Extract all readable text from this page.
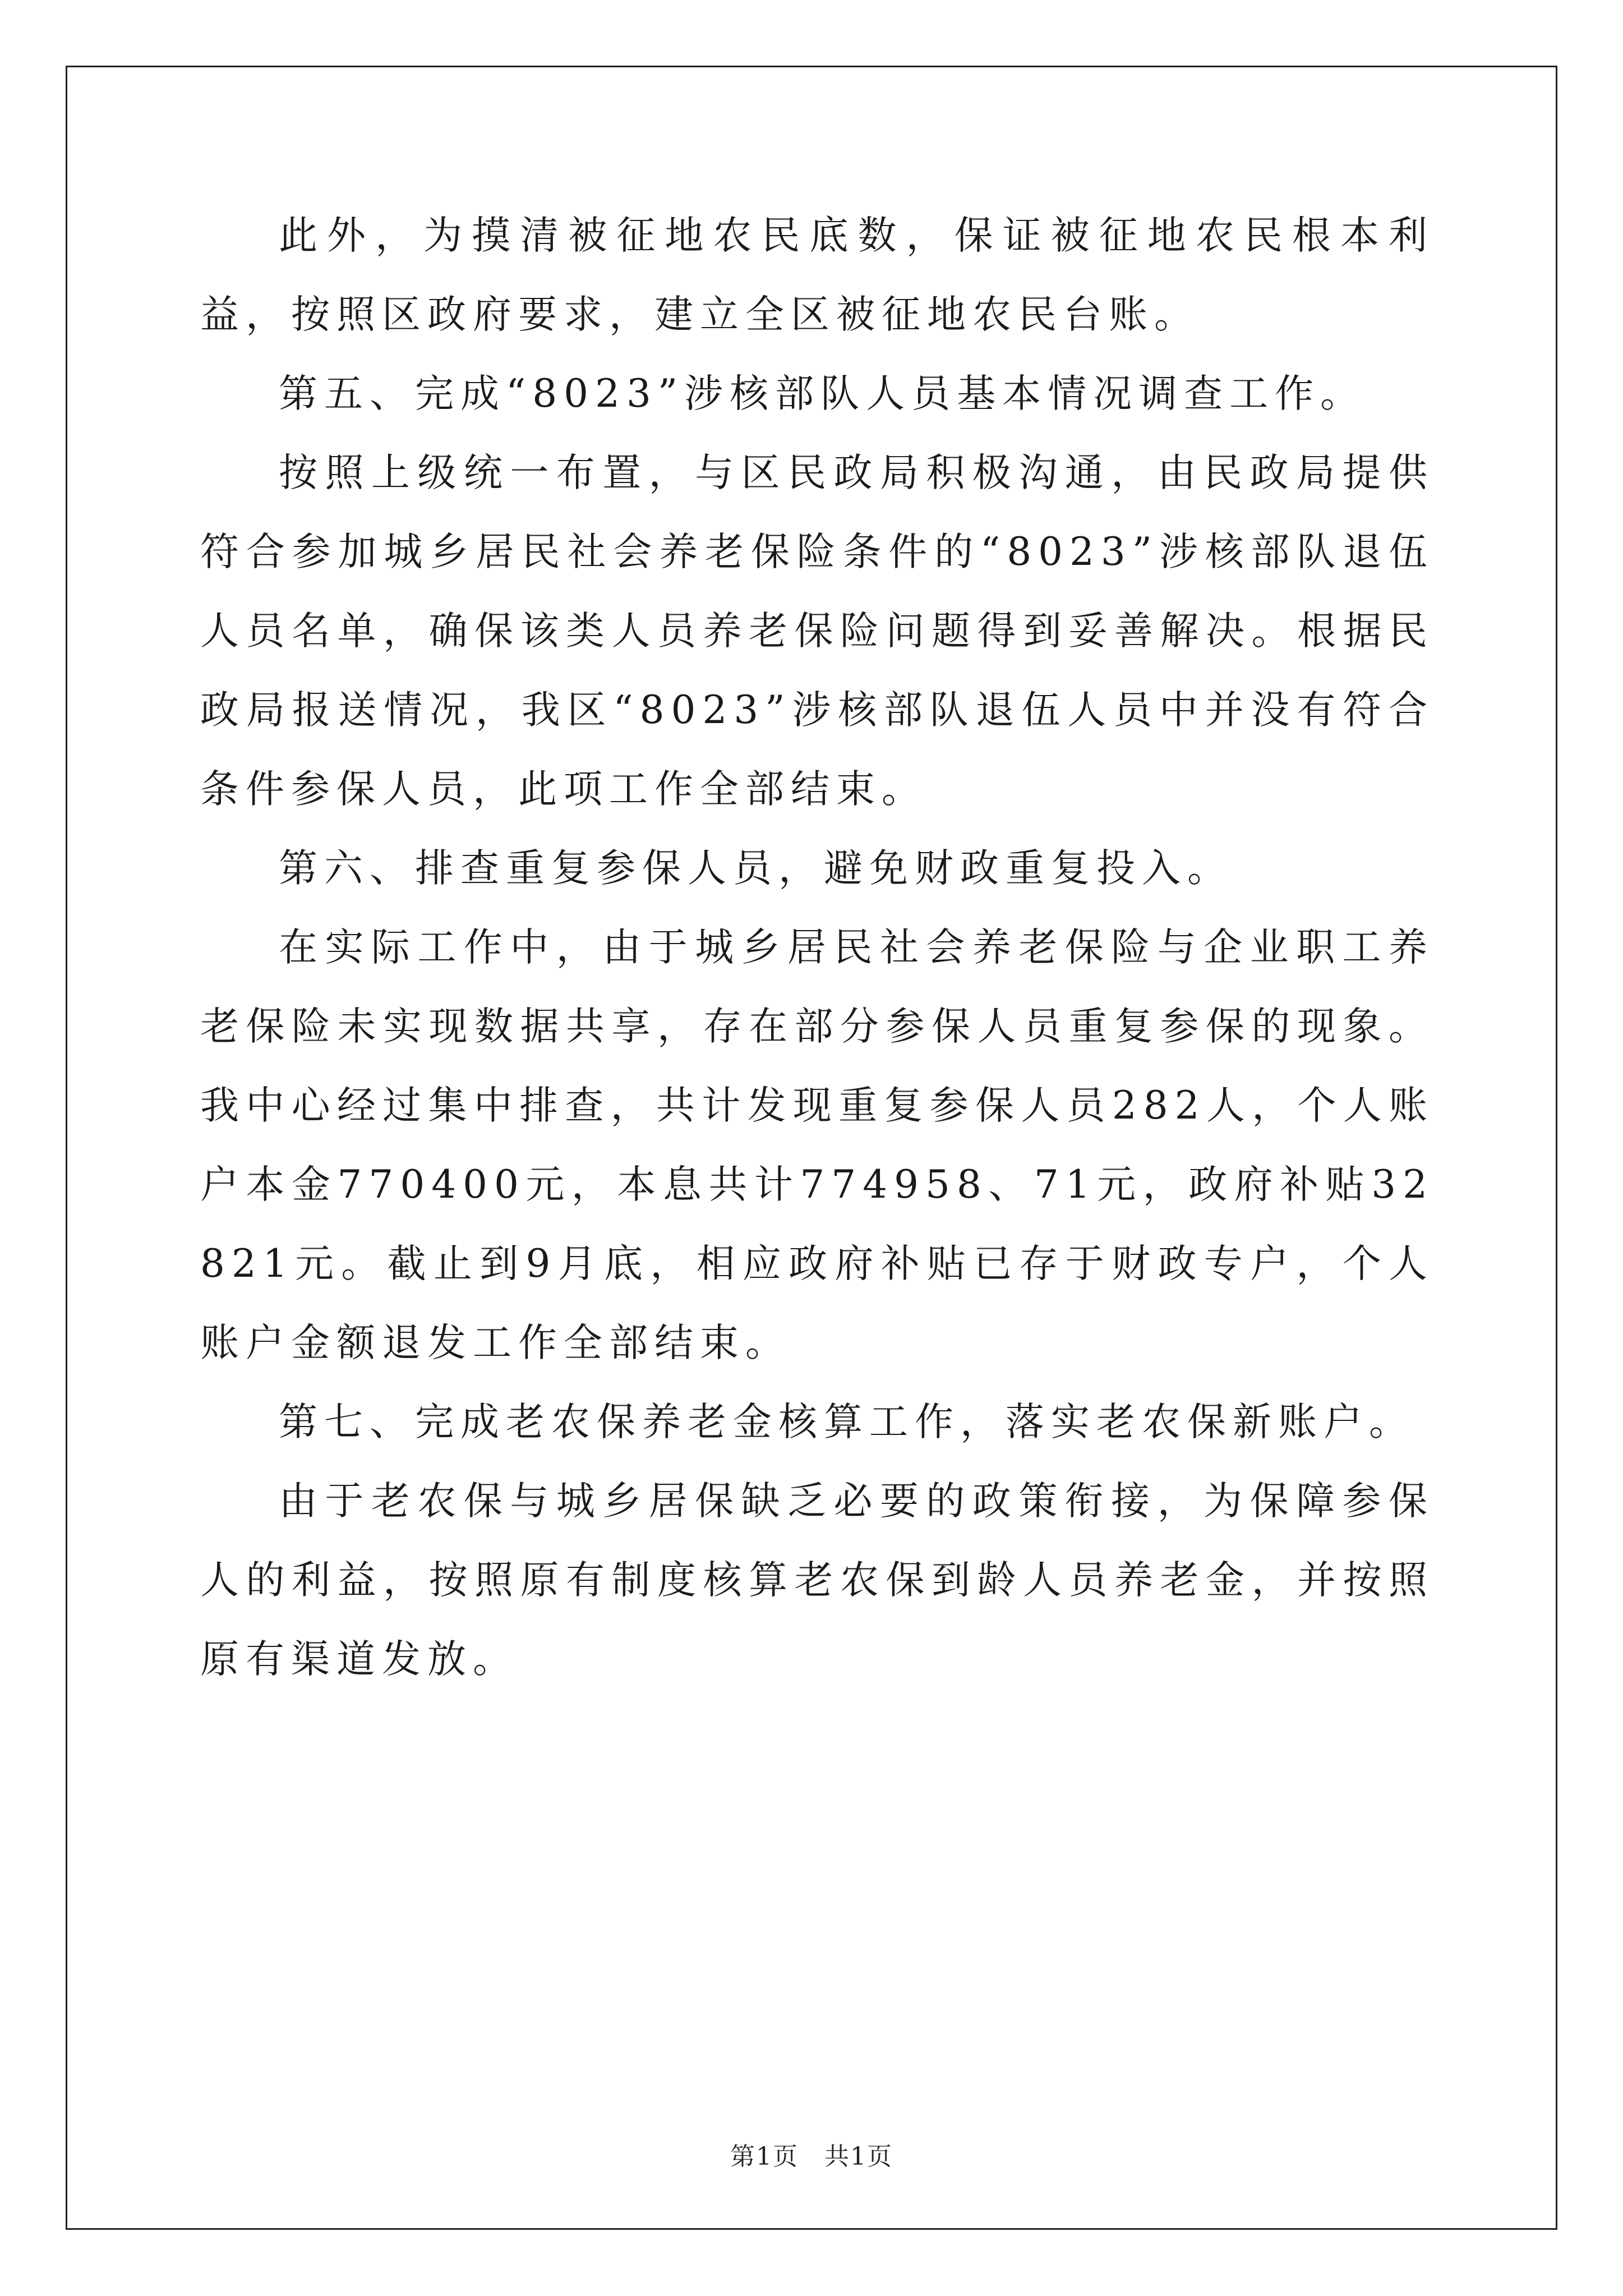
此外，为摸清被征地农民底数，保证被征地农民根本利益，按照区政府要求，建立全区被征地农民台账。

第五、完成“8023”涉核部队人员基本情况调查工作。

按照上级统一布置，与区民政局积极沟通，由民政局提供符合参加城乡居民社会养老保险条件的“8023”涉核部队退伍人员名单，确保该类人员养老保险问题得到妥善解决。根据民政局报送情况，我区“8023”涉核部队退伍人员中并没有符合条件参保人员，此项工作全部结束。

第六、排查重复参保人员，避免财政重复投入。

在实际工作中，由于城乡居民社会养老保险与企业职工养老保险未实现数据共享，存在部分参保人员重复参保的现象。我中心经过集中排查，共计发现重复参保人员282人，个人账户本金770400元，本息共计774958、71元，政府补贴32821元。截止到9月底，相应政府补贴已存于财政专户，个人账户金额退发工作全部结束。

第七、完成老农保养老金核算工作，落实老农保新账户。

由于老农保与城乡居保缺乏必要的政策衔接，为保障参保人的利益，按照原有制度核算老农保到龄人员养老金，并按照原有渠道发放。

第1页　共1页
